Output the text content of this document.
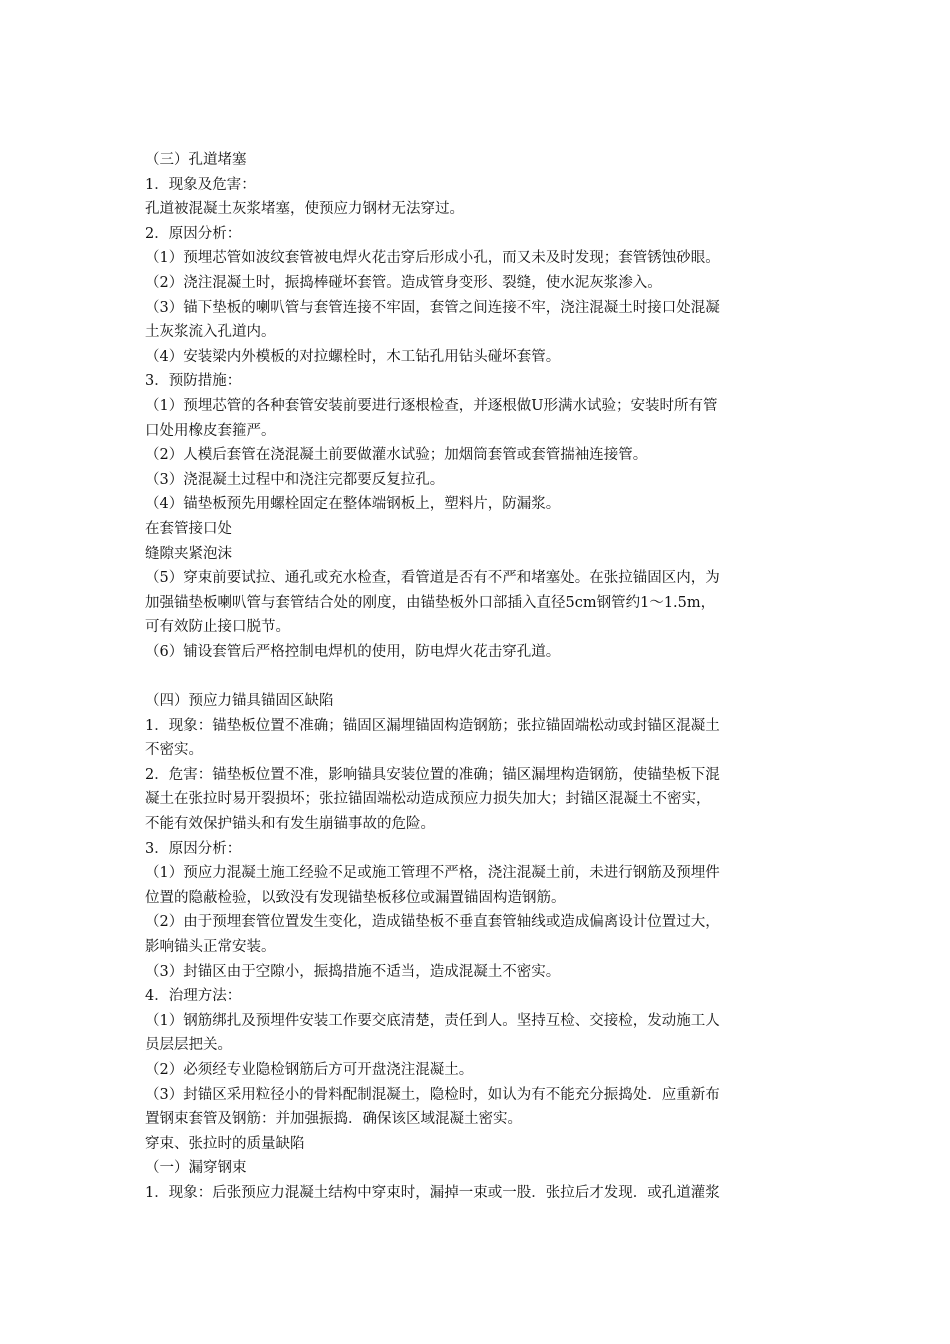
（三）孔道堵塞
1．现象及危害：
孔道被混凝土灰浆堵塞，使预应力钢材无法穿过。
2．原因分析：
（1）预埋芯管如波纹套管被电焊火花击穿后形成小孔，而又未及时发现；套管锈蚀砂眼。
（2）浇注混凝土时，振捣棒碰坏套管。造成管身变形、裂缝，使水泥灰浆渗入。
（3）锚下垫板的喇叭管与套管连接不牢固，套管之间连接不牢，浇注混凝土时接口处混凝
土灰浆流入孔道内。
（4）安装梁内外模板的对拉螺栓时，木工钻孔用钻头碰坏套管。
3．预防措施：
（1）预埋芯管的各种套管安装前要进行逐根检查，并逐根做U形满水试验；安装时所有管
口处用橡皮套箍严。
（2）人模后套管在浇混凝土前要做灌水试验；加烟筒套管或套管揣袖连接管。
（3）浇混凝土过程中和浇注完都要反复拉孔。
（4）锚垫板预先用螺栓固定在整体端钢板上，塑料片，防漏浆。
在套管接口处
缝隙夹紧泡沫
（5）穿束前要试拉、通孔或充水检查，看管道是否有不严和堵塞处。在张拉锚固区内，为
加强锚垫板喇叭管与套管结合处的刚度，由锚垫板外口部插入直径5cm钢管约1～1.5m，
可有效防止接口脱节。
（6）铺设套管后严格控制电焊机的使用，防电焊火花击穿孔道。
（四）预应力锚具锚固区缺陷
1．现象：锚垫板位置不准确；锚固区漏埋锚固构造钢筋；张拉锚固端松动或封锚区混凝土
不密实。
2．危害：锚垫板位置不准，影响锚具安装位置的准确；锚区漏埋构造钢筋，使锚垫板下混
凝土在张拉时易开裂损坏；张拉锚固端松动造成预应力损失加大；封锚区混凝土不密实，
不能有效保护锚头和有发生崩锚事故的危险。
3．原因分析：
（1）预应力混凝土施工经验不足或施工管理不严格，浇注混凝土前，未进行钢筋及预埋件
位置的隐蔽检验，以致没有发现锚垫板移位或漏置锚固构造钢筋。
（2）由于预埋套管位置发生变化，造成锚垫板不垂直套管轴线或造成偏离设计位置过大，
影响锚头正常安装。
（3）封锚区由于空隙小，振捣措施不适当，造成混凝土不密实。
4．治理方法：
（1）钢筋绑扎及预埋件安装工作要交底清楚，责任到人。坚持互检、交接检，发动施工人
员层层把关。
（2）必须经专业隐检钢筋后方可开盘浇注混凝土。
（3）封锚区采用粒径小的骨料配制混凝土，隐检时，如认为有不能充分振捣处．应重新布
置钢束套管及钢筋：并加强振捣．确保该区域混凝土密实。
穿束、张拉时的质量缺陷
（一）漏穿钢束
1．现象：后张预应力混凝土结构中穿束时，漏掉一束或一股．张拉后才发现．或孔道灌浆
